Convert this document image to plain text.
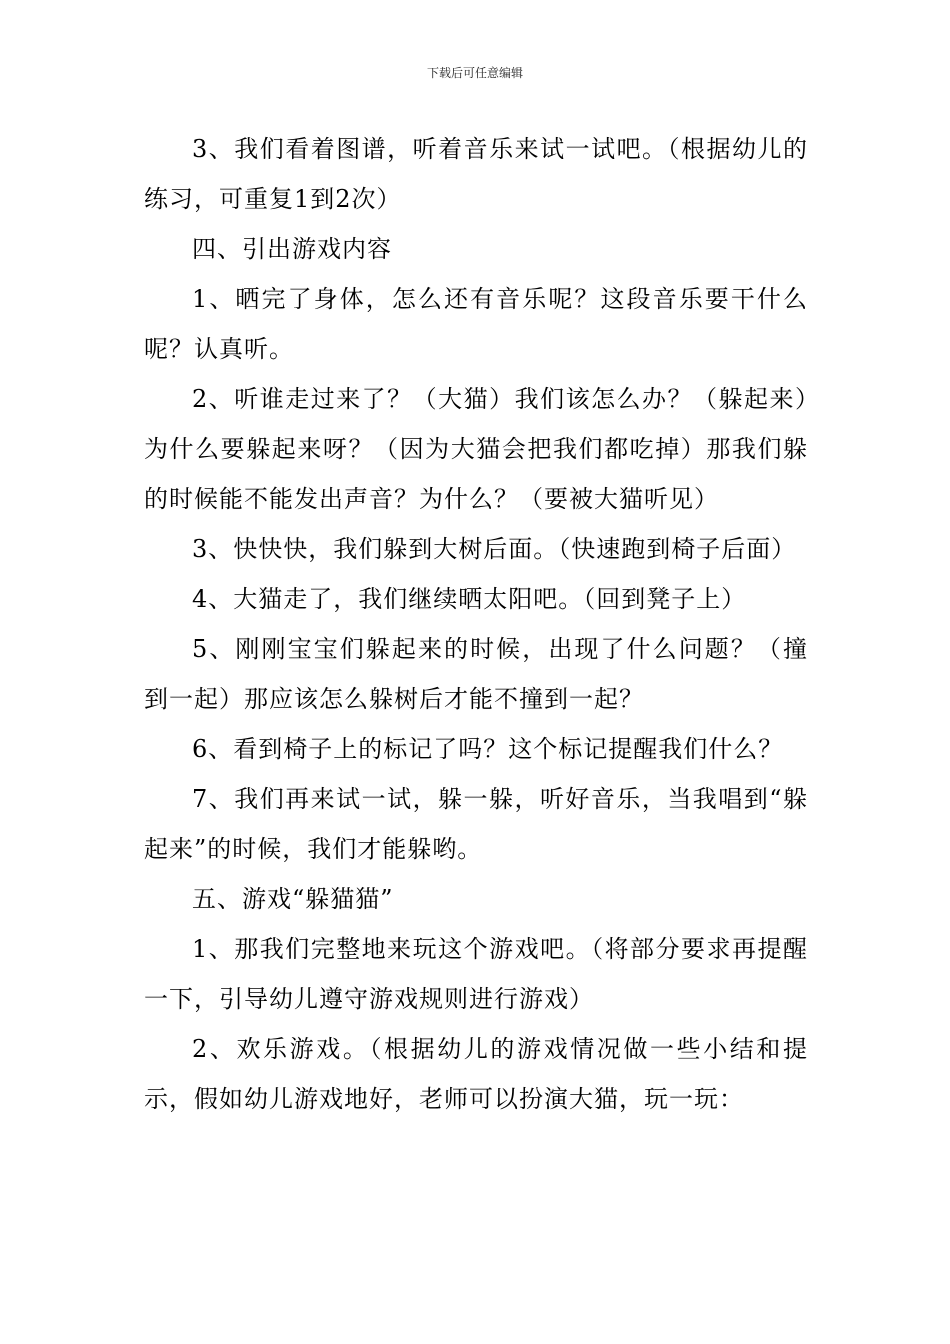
下载后可任意编辑

3、我们看着图谱，听着音乐来试一试吧。（根据幼儿的练习，可重复1到2次）

四、引出游戏内容

1、晒完了身体，怎么还有音乐呢？这段音乐要干什么呢？认真听。

2、听谁走过来了？（大猫）我们该怎么办？（躲起来）为什么要躲起来呀？（因为大猫会把我们都吃掉）那我们躲的时候能不能发出声音？为什么？（要被大猫听见）

3、快快快，我们躲到大树后面。（快速跑到椅子后面）

4、大猫走了，我们继续晒太阳吧。（回到凳子上）

5、刚刚宝宝们躲起来的时候，出现了什么问题？（撞到一起）那应该怎么躲树后才能不撞到一起？

6、看到椅子上的标记了吗？这个标记提醒我们什么？

7、我们再来试一试，躲一躲，听好音乐，当我唱到“躲起来”的时候，我们才能躲哟。

五、游戏“躲猫猫”

1、那我们完整地来玩这个游戏吧。（将部分要求再提醒一下，引导幼儿遵守游戏规则进行游戏）

2、欢乐游戏。（根据幼儿的游戏情况做一些小结和提示，假如幼儿游戏地好，老师可以扮演大猫，玩一玩：
